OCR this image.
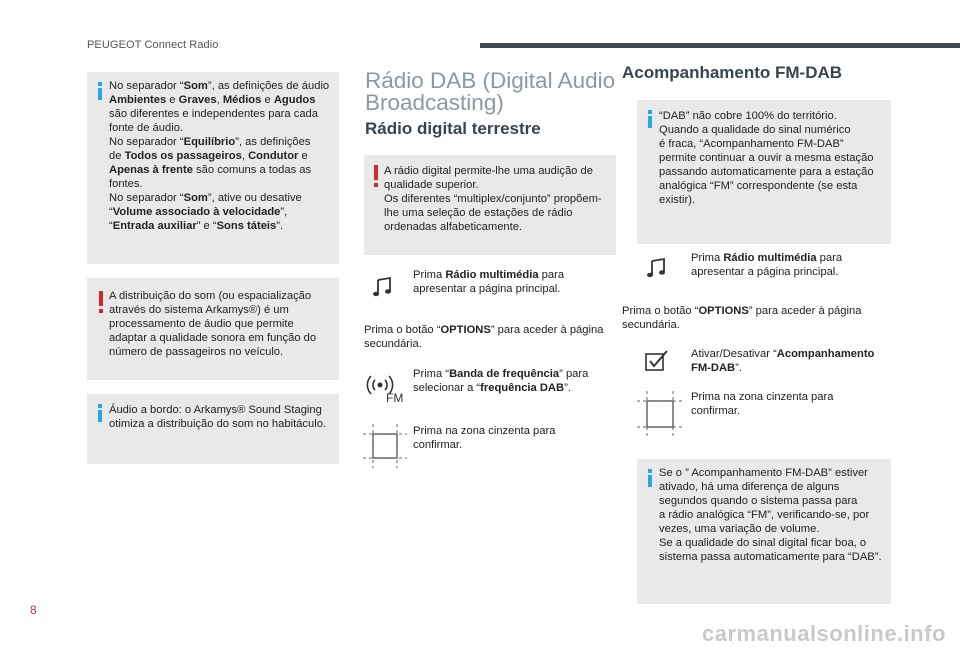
PEUGEOT Connect Radio
No separador “Som”, as definições de áudio
Ambientes e Graves, Médios e Agudos
são diferentes e independentes para cada
fonte de áudio.
No separador “Equilíbrio”, as definições
de Todos os passageiros, Condutor e
Apenas à frente são comuns a todas as
fontes.
No separador “Som”, ative ou desative
“Volume associado à velocidade”,
“Entrada auxiliar” e “Sons táteis”.
A distribuição do som (ou espacialização
através do sistema Arkamys®) é um
processamento de áudio que permite
adaptar a qualidade sonora em função do
número de passageiros no veículo.
Áudio a bordo: o Arkamys® Sound Staging
otimiza a distribuição do som no habitáculo.
Rádio DAB (Digital Audio
Broadcasting)
Rádio digital terrestre
A rádio digital permite-lhe uma audição de
qualidade superior.
Os diferentes “multiplex/conjunto” propõem-
lhe uma seleção de estações de rádio
ordenadas alfabeticamente.
Prima Rádio multimédia para
apresentar a página principal.
Prima o botão “OPTIONS” para aceder à página
secundária.
FM
Prima “Banda de frequência” para
selecionar a “frequência DAB”.
Prima na zona cinzenta para
confirmar.
Acompanhamento FM-DAB
“DAB” não cobre 100% do território.
Quando a qualidade do sinal numérico
é fraca, “Acompanhamento FM-DAB”
permite continuar a ouvir a mesma estação
passando automaticamente para a estação
analógica “FM” correspondente (se esta
existir).
Prima Rádio multimédia para
apresentar a página principal.
Prima o botão “OPTIONS” para aceder à página
secundária.
Ativar/Desativar “Acompanhamento
FM-DAB”.
Prima na zona cinzenta para
confirmar.
Se o ” Acompanhamento FM-DAB” estiver
ativado, há uma diferença de alguns
segundos quando o sistema passa para
a rádio analógica “FM”, verificando-se, por
vezes, uma variação de volume.
Se a qualidade do sinal digital ficar boa, o
sistema passa automaticamente para “DAB”.
8
carmanualsonline.info
